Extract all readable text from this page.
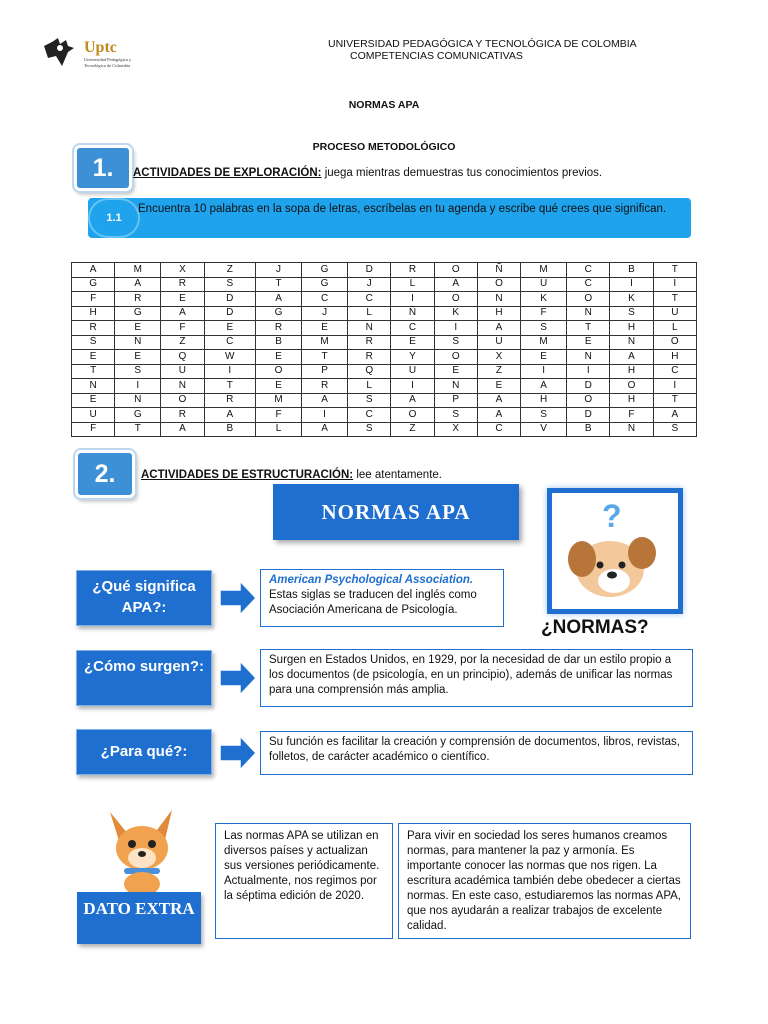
Uptc
Universidad Pedagógica y
Tecnológica de Colombia
UNIVERSIDAD PEDAGÓGICA Y TECNOLÓGICA DE COLOMBIA
COMPETENCIAS COMUNICATIVAS
NORMAS APA
PROCESO METODOLÓGICO
1.	ACTIVIDADES DE EXPLORACIÓN: juega mientras demuestras tus conocimientos previos.
1.1
Encuentra 10 palabras en la sopa de letras, escríbelas en tu agenda y escribe qué crees que significan.
A	M	X	Z	J	G	D	R	O	Ñ	M	C	B	T
G	A	R	S	T	G	J	L	A	O	U	C	I	I
F	R	E	D	A	C	C	I	O	N	K	O	K	T
H	G	A	D	G	J	L	Ñ	K	H	F	N	S	U
R	E	F	E	R	E	N	C	I	A	S	T	H	L
S	N	Z	C	B	M	R	E	S	U	M	E	N	O
E	E	Q	W	E	T	R	Y	O	X	E	N	A	H
T	S	U	I	O	P	Q	U	E	Z	I	I	H	C
N	I	N	T	E	R	L	I	N	E	A	D	O	I
E	N	O	R	M	A	S	A	P	A	H	O	H	T
U	G	R	A	F	I	C	O	S	A	S	D	F	A
F	T	A	B	L	A	S	Z	X	C	V	B	N	S
2.	ACTIVIDADES DE ESTRUCTURACIÓN: lee atentamente.
NORMAS APA	?
¿NORMAS?
¿Qué significa APA?:
American Psychological Association.
Estas siglas se traducen del inglés como Asociación Americana de Psicología.
¿Cómo surgen?:	Surgen en Estados Unidos, en 1929, por la necesidad de dar un estilo propio a los documentos (de psicología, en un principio), además de unificar las normas para una comprensión más amplia.
¿Para qué?:
Su función es facilitar la creación y comprensión de documentos, libros, revistas, folletos, de carácter académico o científico.
DATO EXTRA
Las normas APA se utilizan en diversos países y actualizan sus versiones periódicamente. Actualmente, nos regimos por la séptima edición de 2020.
Para vivir en sociedad los seres humanos creamos normas, para mantener la paz y armonía. Es importante conocer las normas que nos rigen. La escritura académica también debe obedecer a ciertas normas. En este caso, estudiaremos las normas APA, que nos ayudarán a realizar trabajos de excelente calidad.
